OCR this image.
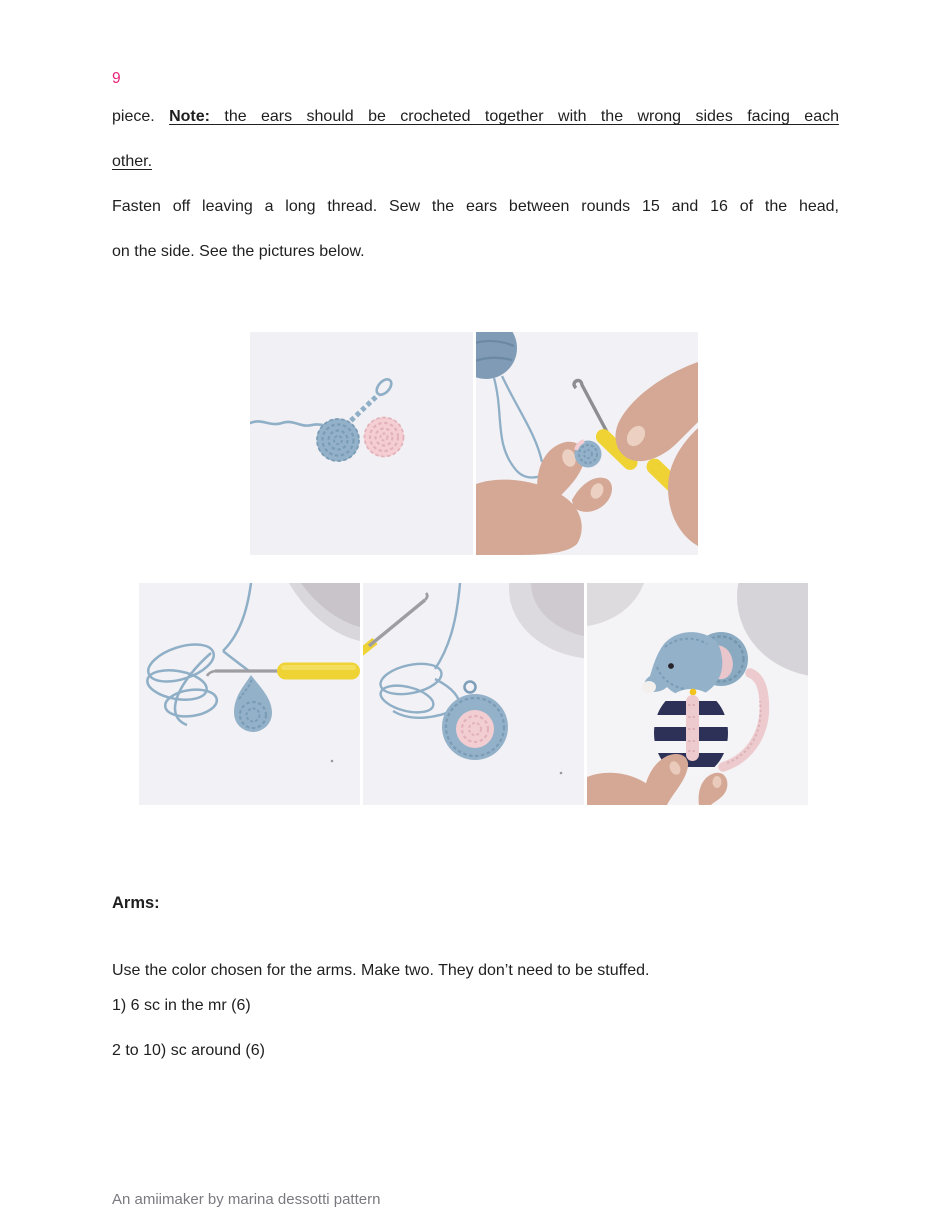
9
piece. Note: the ears should be crocheted together with the wrong sides facing each
other.
Fasten off leaving a long thread. Sew the ears between rounds 15 and 16 of the head,
on the side. See the pictures below.
Arms:
Use the color chosen for the arms. Make two. They don’t need to be stuffed.
1) 6 sc in the mr (6)
2 to 10) sc around (6)
An amiimaker by marina dessotti pattern
